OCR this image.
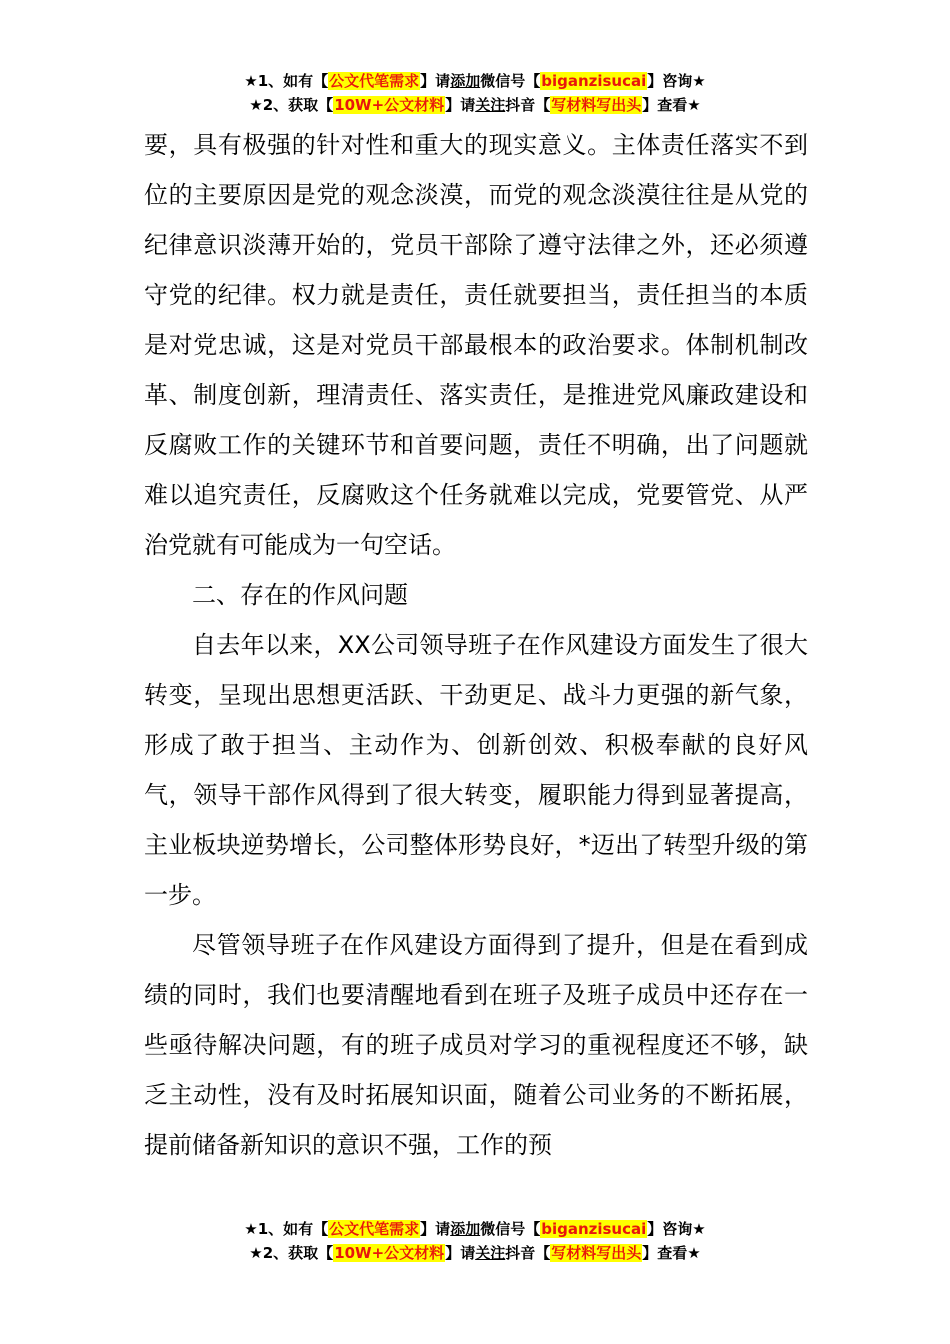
★1、如有【公文代笔需求】请添加微信号【biganzisucai】咨询★
★2、获取【10W+公文材料】请关注抖音【写材料写出头】查看★

要，具有极强的针对性和重大的现实意义。主体责任落实不到位的主要原因是党的观念淡漠，而党的观念淡漠往往是从党的纪律意识淡薄开始的，党员干部除了遵守法律之外，还必须遵守党的纪律。权力就是责任，责任就要担当，责任担当的本质是对党忠诚，这是对党员干部最根本的政治要求。体制机制改革、制度创新，理清责任、落实责任，是推进党风廉政建设和反腐败工作的关键环节和首要问题，责任不明确，出了问题就难以追究责任，反腐败这个任务就难以完成，党要管党、从严治党就有可能成为一句空话。

二、存在的作风问题

自去年以来，XX公司领导班子在作风建设方面发生了很大转变，呈现出思想更活跃、干劲更足、战斗力更强的新气象，形成了敢于担当、主动作为、创新创效、积极奉献的良好风气，领导干部作风得到了很大转变，履职能力得到显著提高，主业板块逆势增长，公司整体形势良好，*迈出了转型升级的第一步。

尽管领导班子在作风建设方面得到了提升，但是在看到成绩的同时，我们也要清醒地看到在班子及班子成员中还存在一些亟待解决问题，有的班子成员对学习的重视程度还不够，缺乏主动性，没有及时拓展知识面，随着公司业务的不断拓展，提前储备新知识的意识不强，工作的预

★1、如有【公文代笔需求】请添加微信号【biganzisucai】咨询★
★2、获取【10W+公文材料】请关注抖音【写材料写出头】查看★
